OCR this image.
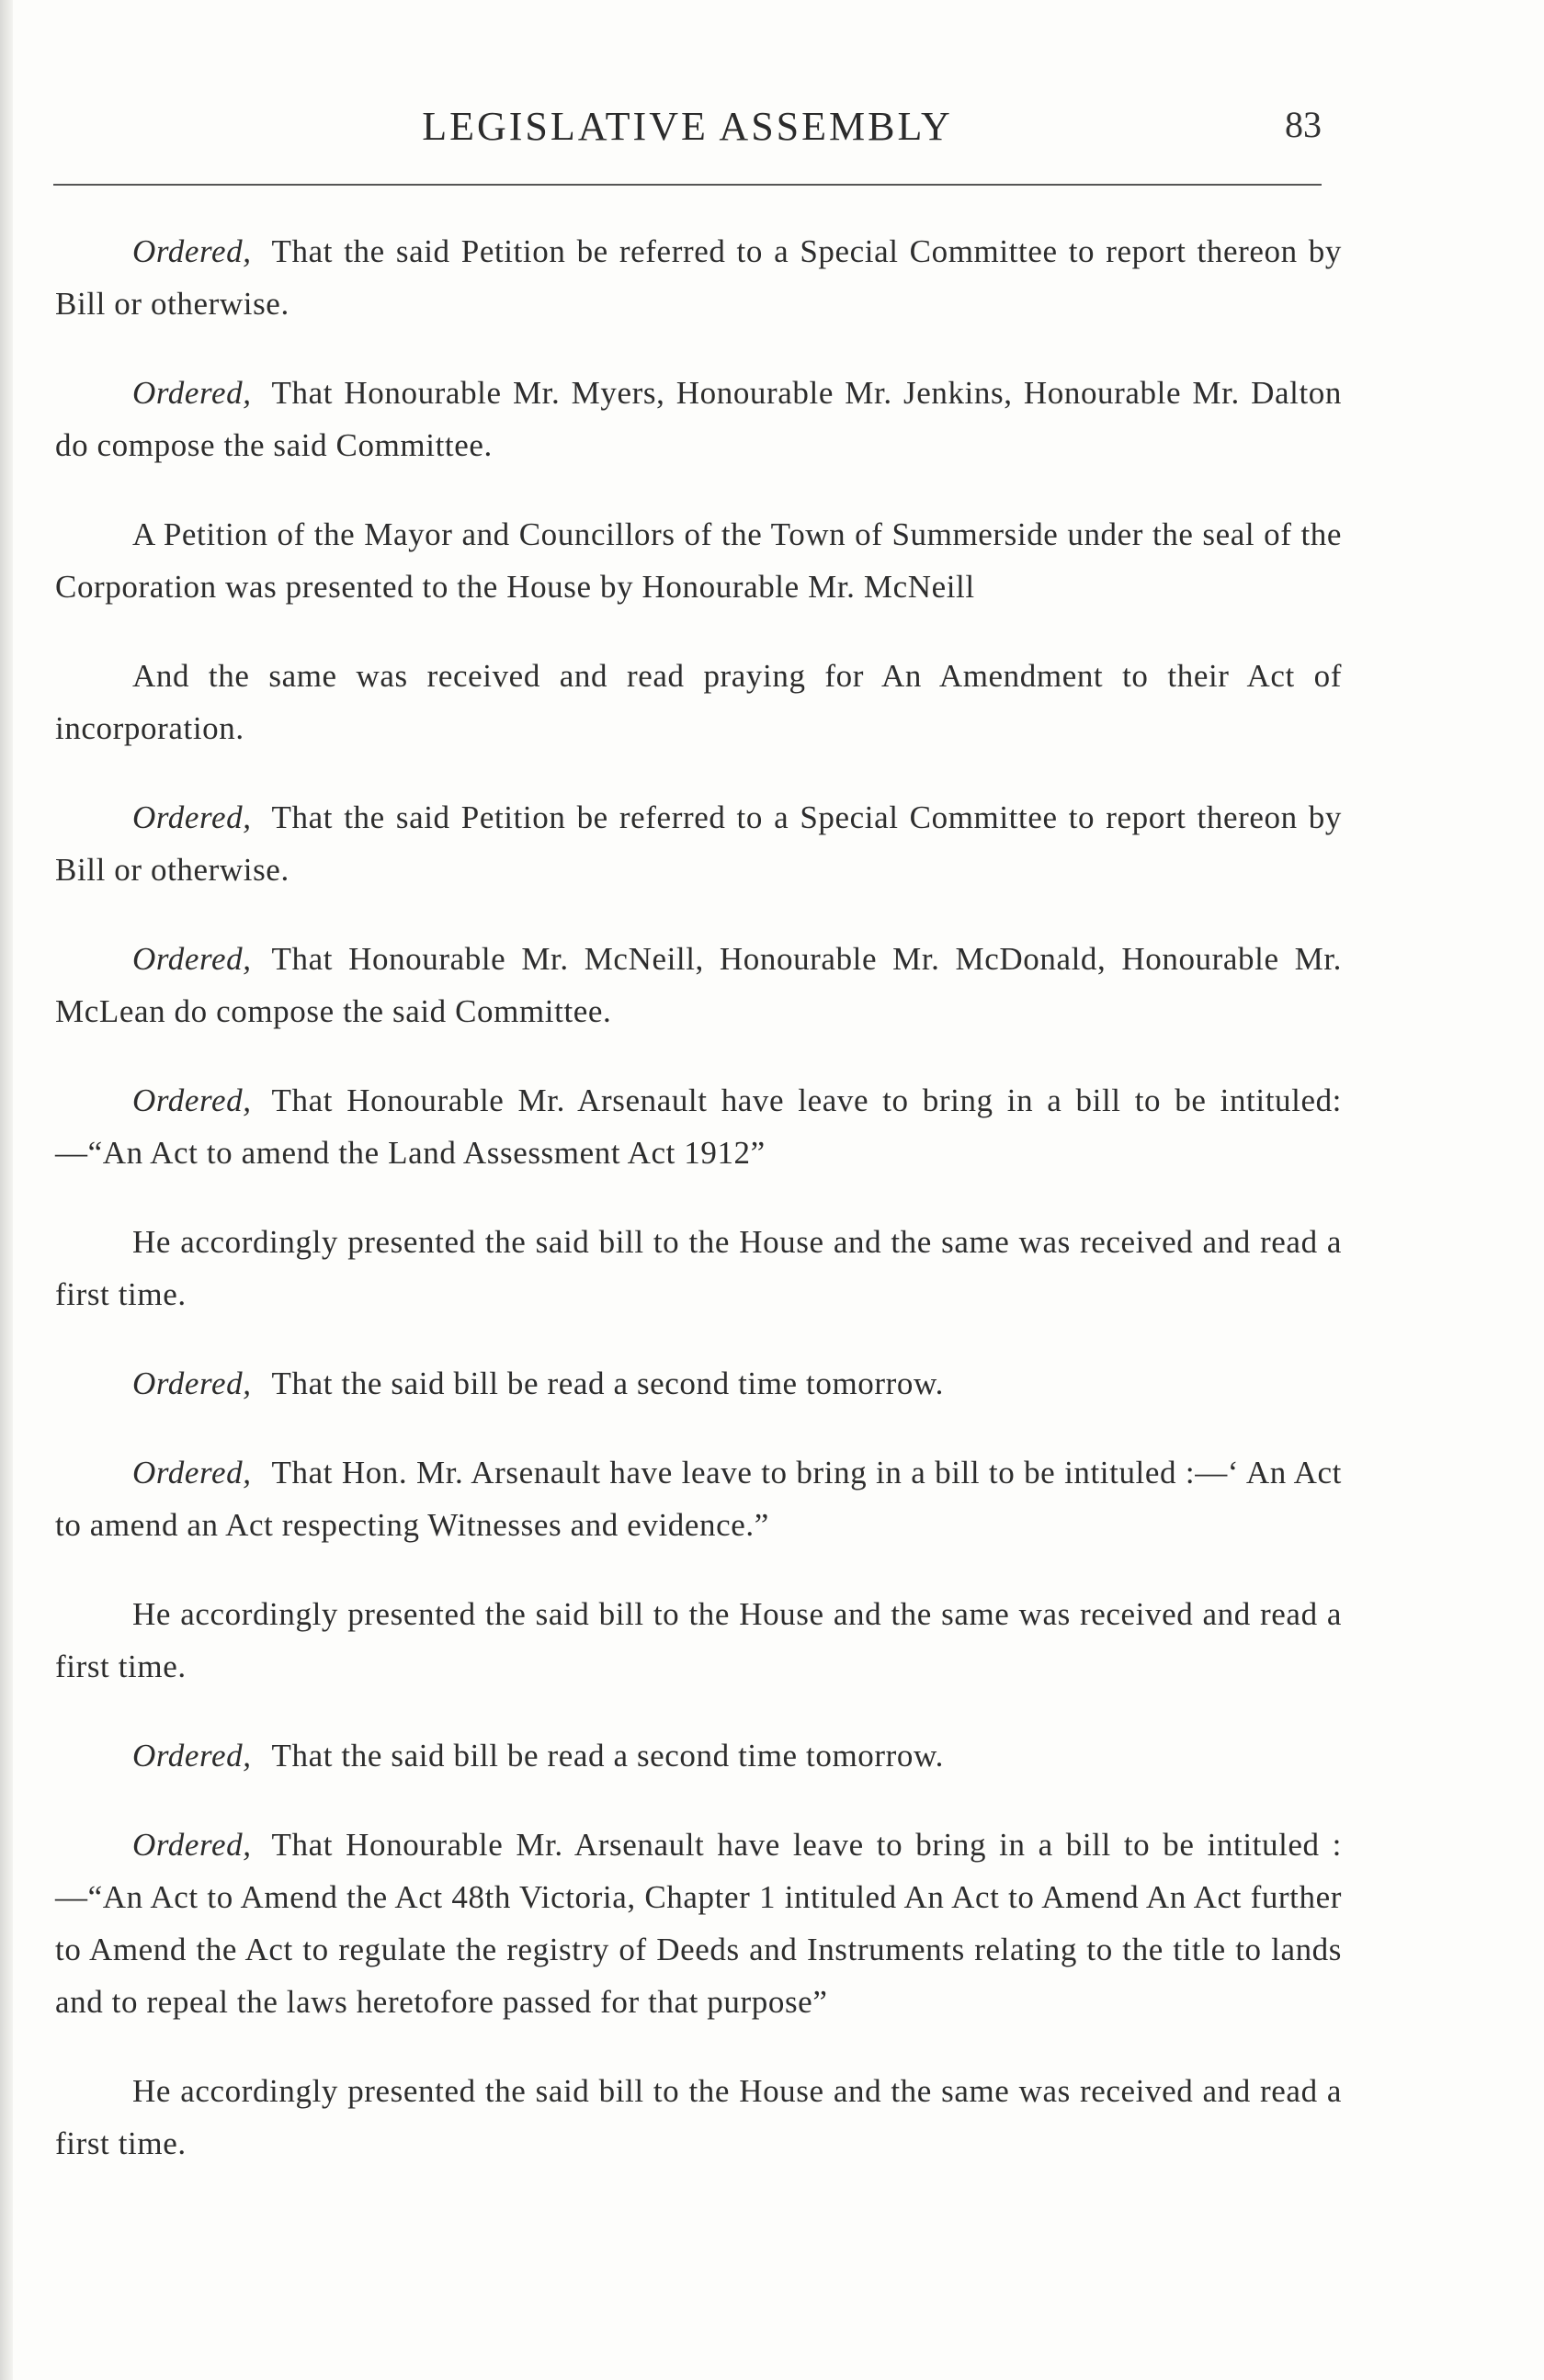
LEGISLATIVE ASSEMBLY	83

Ordered, That the said Petition be referred to a Special Committee to report thereon by Bill or otherwise.

Ordered, That Honourable Mr. Myers, Honourable Mr. Jenkins, Honourable Mr. Dalton do compose the said Committee.

A Petition of the Mayor and Councillors of the Town of Summerside under the seal of the Corporation was presented to the House by Honourable Mr. McNeill

And the same was received and read praying for An Amendment to their Act of incorporation.

Ordered, That the said Petition be referred to a Special Committee to report thereon by Bill or otherwise.

Ordered, That Honourable Mr. McNeill, Honourable Mr. McDonald, Honourable Mr. McLean do compose the said Committee.

Ordered, That Honourable Mr. Arsenault have leave to bring in a bill to be intituled:—“An Act to amend the Land Assessment Act 1912”

He accordingly presented the said bill to the House and the same was received and read a first time.

Ordered, That the said bill be read a second time tomorrow.

Ordered, That Hon. Mr. Arsenault have leave to bring in a bill to be intituled :—‘ An Act to amend an Act respecting Witnesses and evidence.”

He accordingly presented the said bill to the House and the same was received and read a first time.

Ordered, That the said bill be read a second time tomorrow.

Ordered, That Honourable Mr. Arsenault have leave to bring in a bill to be intituled :—“An Act to Amend the Act 48th Victoria, Chapter 1 intituled An Act to Amend An Act further to Amend the Act to regulate the registry of Deeds and Instruments relating to the title to lands and to repeal the laws heretofore passed for that purpose”

He accordingly presented the said bill to the House and the same was received and read a first time.
